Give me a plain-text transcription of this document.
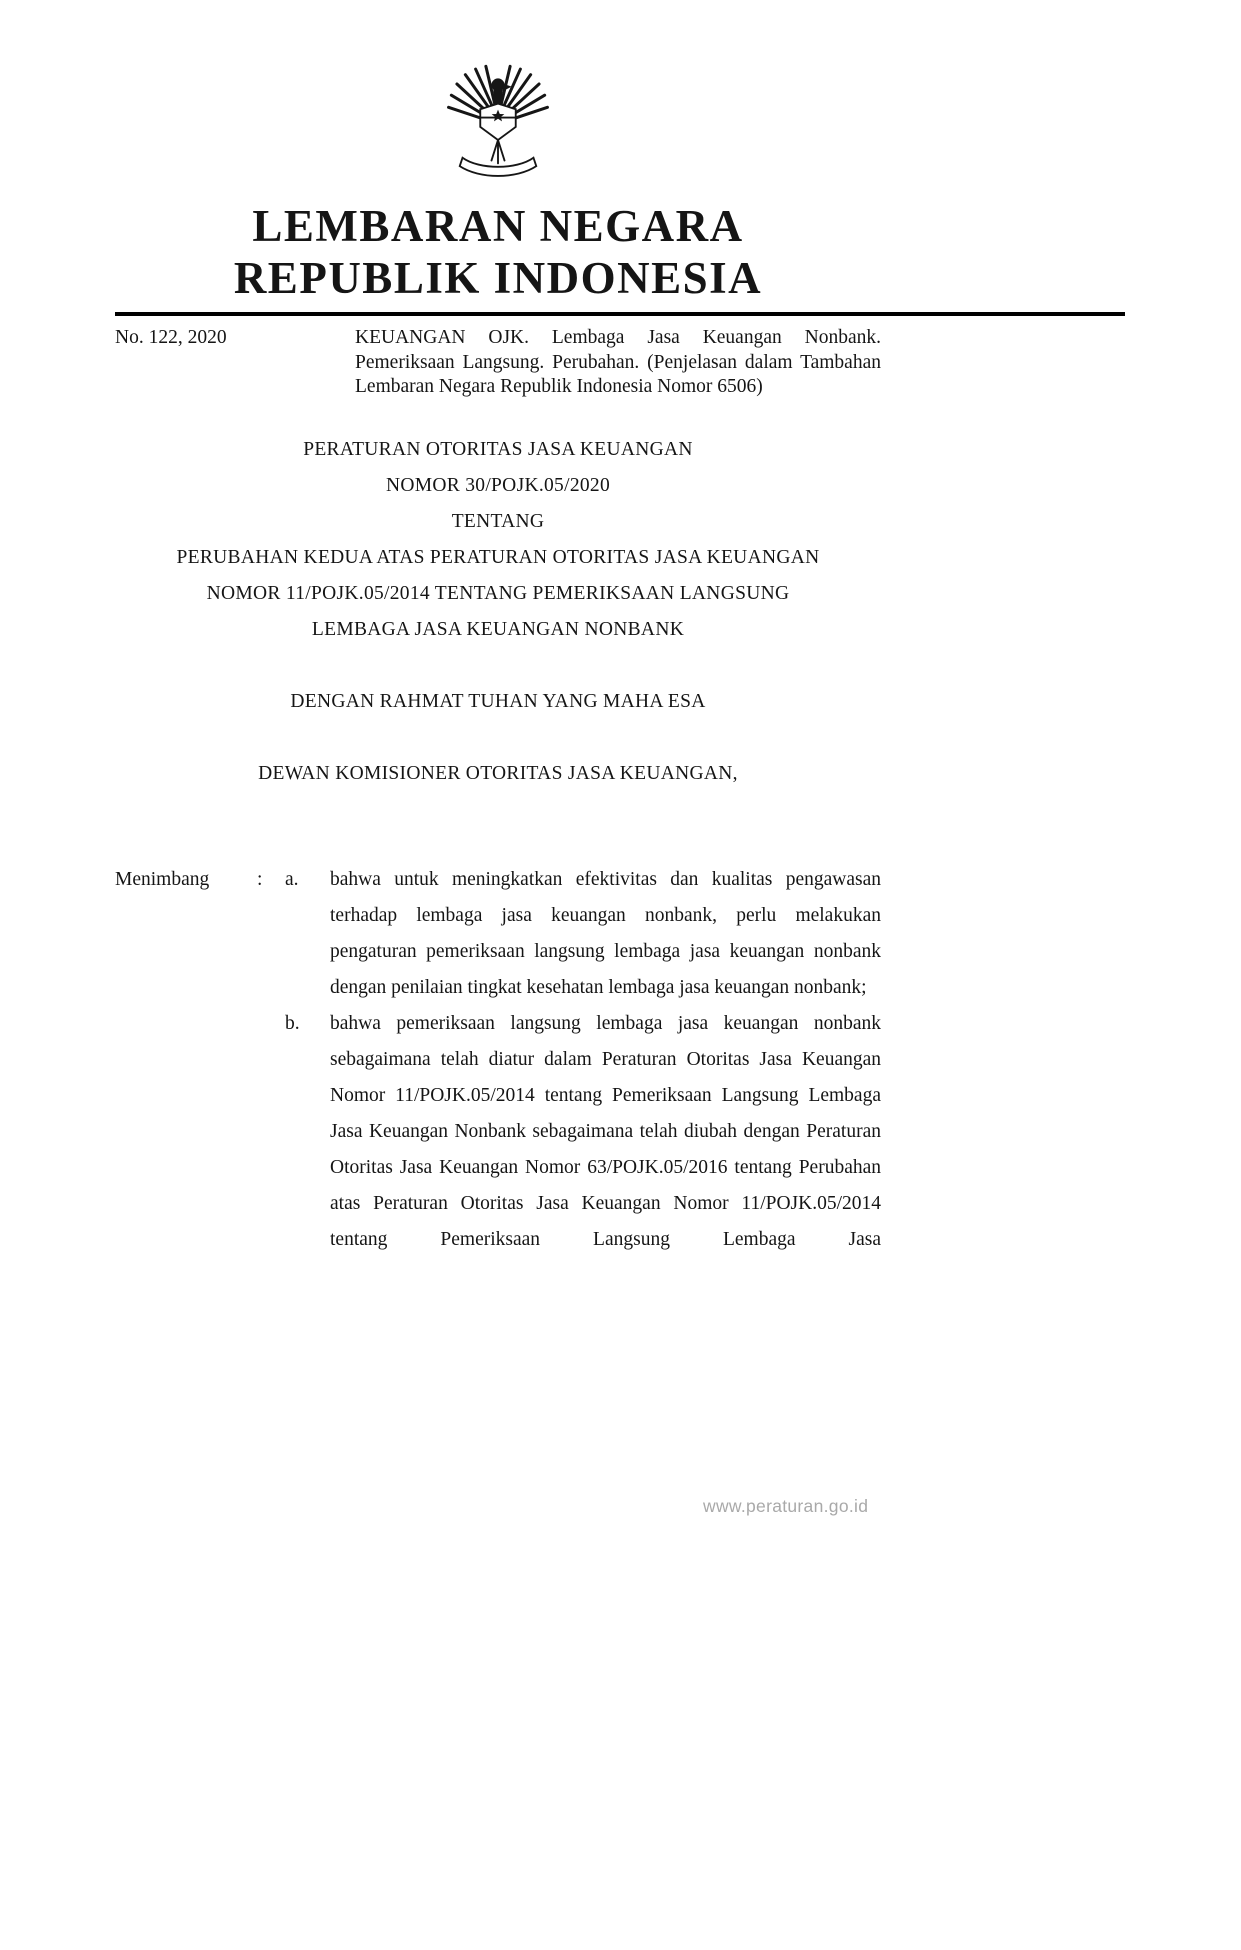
LEMBARAN NEGARA
REPUBLIK INDONESIA
No. 122, 2020	KEUANGAN OJK. Lembaga Jasa Keuangan Nonbank. Pemeriksaan Langsung. Perubahan. (Penjelasan dalam Tambahan Lembaran Negara Republik Indonesia Nomor 6506)
PERATURAN OTORITAS JASA KEUANGAN
NOMOR 30/POJK.05/2020
TENTANG
PERUBAHAN KEDUA ATAS PERATURAN OTORITAS JASA KEUANGAN
NOMOR 11/POJK.05/2014 TENTANG PEMERIKSAAN LANGSUNG
LEMBAGA JASA KEUANGAN NONBANK
DENGAN RAHMAT TUHAN YANG MAHA ESA
DEWAN KOMISIONER OTORITAS JASA KEUANGAN,
Menimbang	:	a.	bahwa untuk meningkatkan efektivitas dan kualitas pengawasan terhadap lembaga jasa keuangan nonbank, perlu melakukan pengaturan pemeriksaan langsung lembaga jasa keuangan nonbank dengan penilaian tingkat kesehatan lembaga jasa keuangan nonbank;
b.	bahwa pemeriksaan langsung lembaga jasa keuangan nonbank sebagaimana telah diatur dalam Peraturan Otoritas Jasa Keuangan Nomor 11/POJK.05/2014 tentang Pemeriksaan Langsung Lembaga Jasa Keuangan Nonbank sebagaimana telah diubah dengan Peraturan Otoritas Jasa Keuangan Nomor 63/POJK.05/2016 tentang Perubahan atas Peraturan Otoritas Jasa Keuangan Nomor 11/POJK.05/2014 tentang Pemeriksaan Langsung Lembaga Jasa
www.peraturan.go.id
